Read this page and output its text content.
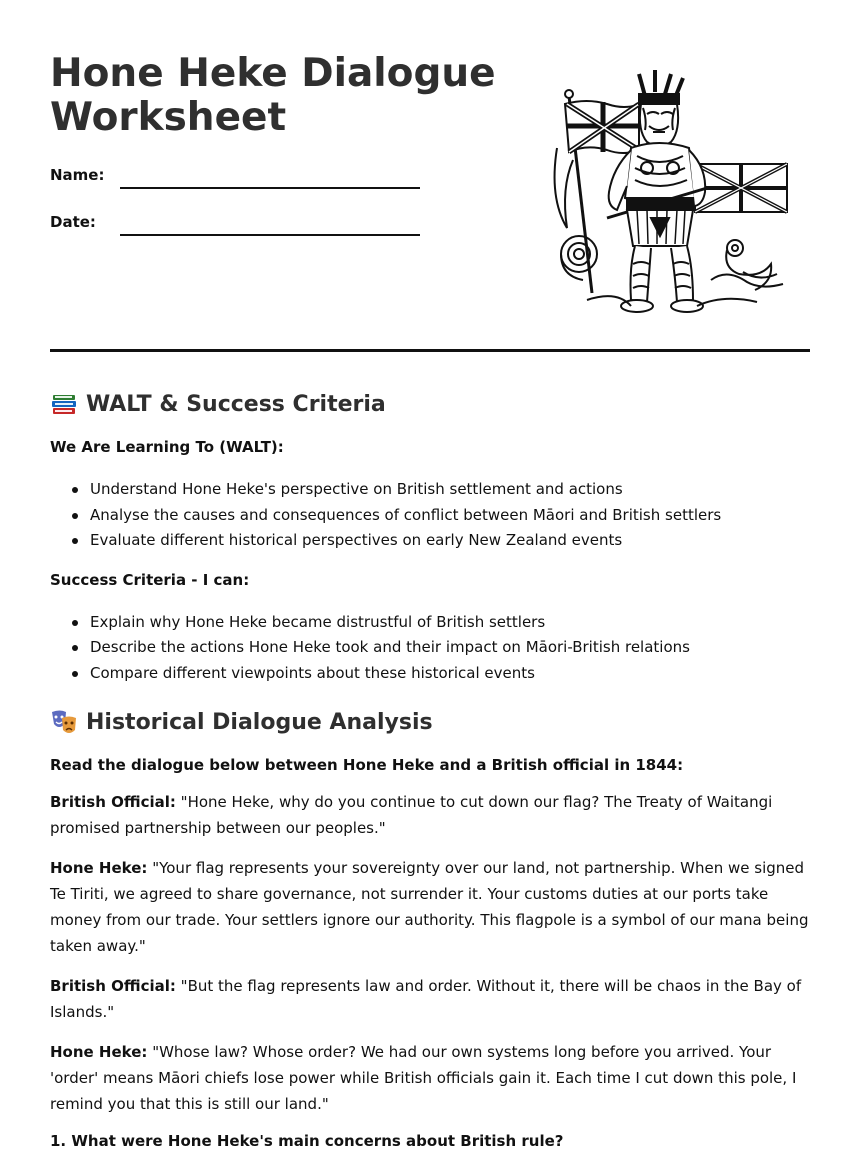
Hone Heke Dialogue
Worksheet
Name:
Date:
WALT & Success Criteria
We Are Learning To (WALT):
Understand Hone Heke's perspective on British settlement and actions
Analyse the causes and consequences of conflict between Māori and British settlers
Evaluate different historical perspectives on early New Zealand events
Success Criteria - I can:
Explain why Hone Heke became distrustful of British settlers
Describe the actions Hone Heke took and their impact on Māori-British relations
Compare different viewpoints about these historical events
Historical Dialogue Analysis
Read the dialogue below between Hone Heke and a British official in 1844:

British Official: "Hone Heke, why do you continue to cut down our flag? The Treaty of Waitangi promised partnership between our peoples."

Hone Heke: "Your flag represents your sovereignty over our land, not partnership. When we signed Te Tiriti, we agreed to share governance, not surrender it. Your customs duties at our ports take money from our trade. Your settlers ignore our authority. This flagpole is a symbol of our mana being taken away."

British Official: "But the flag represents law and order. Without it, there will be chaos in the Bay of Islands."

Hone Heke: "Whose law? Whose order? We had our own systems long before you arrived. Your 'order' means Māori chiefs lose power while British officials gain it. Each time I cut down this pole, I remind you that this is still our land."

1. What were Hone Heke's main concerns about British rule?
